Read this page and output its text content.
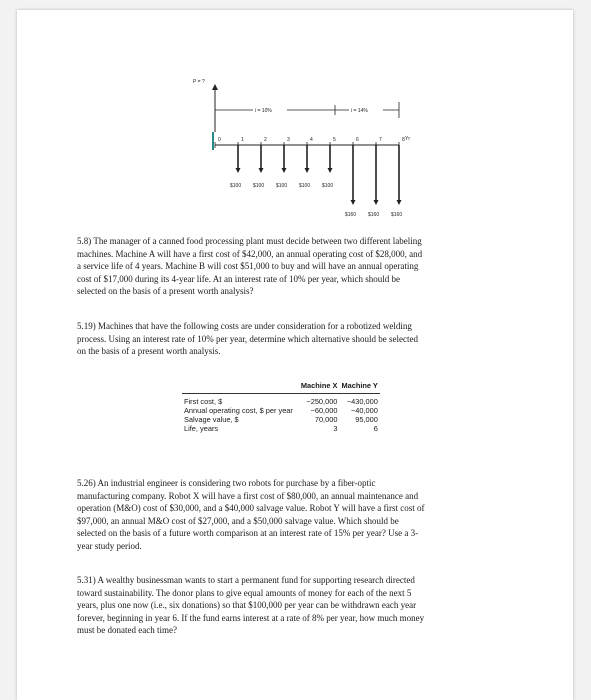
P = ?
i = 10%	i = 14%
0	1	2	3	4	5	6	7	8 Yr
$100 $100 $100 $100 $100
$160 $160 $160
5.8) The manager of a canned food processing plant must decide between two different labeling
machines. Machine A will have a first cost of $42,000, an annual operating cost of $28,000, and
a service life of 4 years. Machine B will cost $51,000 to buy and will have an annual operating
cost of $17,000 during its 4-year life. At an interest rate of 10% per year, which should be
selected on the basis of a present worth analysis?
5.19) Machines that have the following costs are under consideration for a robotized welding
process. Using an interest rate of 10% per year, determine which alternative should be selected
on the basis of a present worth analysis.
	Machine X	Machine Y
First cost, $	−250,000	−430,000
Annual operating cost, $ per year	−60,000	−40,000
Salvage value, $	70,000	95,000
Life, years	3	6
5.26) An industrial engineer is considering two robots for purchase by a fiber-optic
manufacturing company. Robot X will have a first cost of $80,000, an annual maintenance and
operation (M&O) cost of $30,000, and a $40,000 salvage value. Robot Y will have a first cost of
$97,000, an annual M&O cost of $27,000, and a $50,000 salvage value. Which should be
selected on the basis of a future worth comparison at an interest rate of 15% per year? Use a 3-
year study period.
5.31) A wealthy businessman wants to start a permanent fund for supporting research directed
toward sustainability. The donor plans to give equal amounts of money for each of the next 5
years, plus one now (i.e., six donations) so that $100,000 per year can be withdrawn each year
forever, beginning in year 6. If the fund earns interest at a rate of 8% per year, how much money
must be donated each time?
